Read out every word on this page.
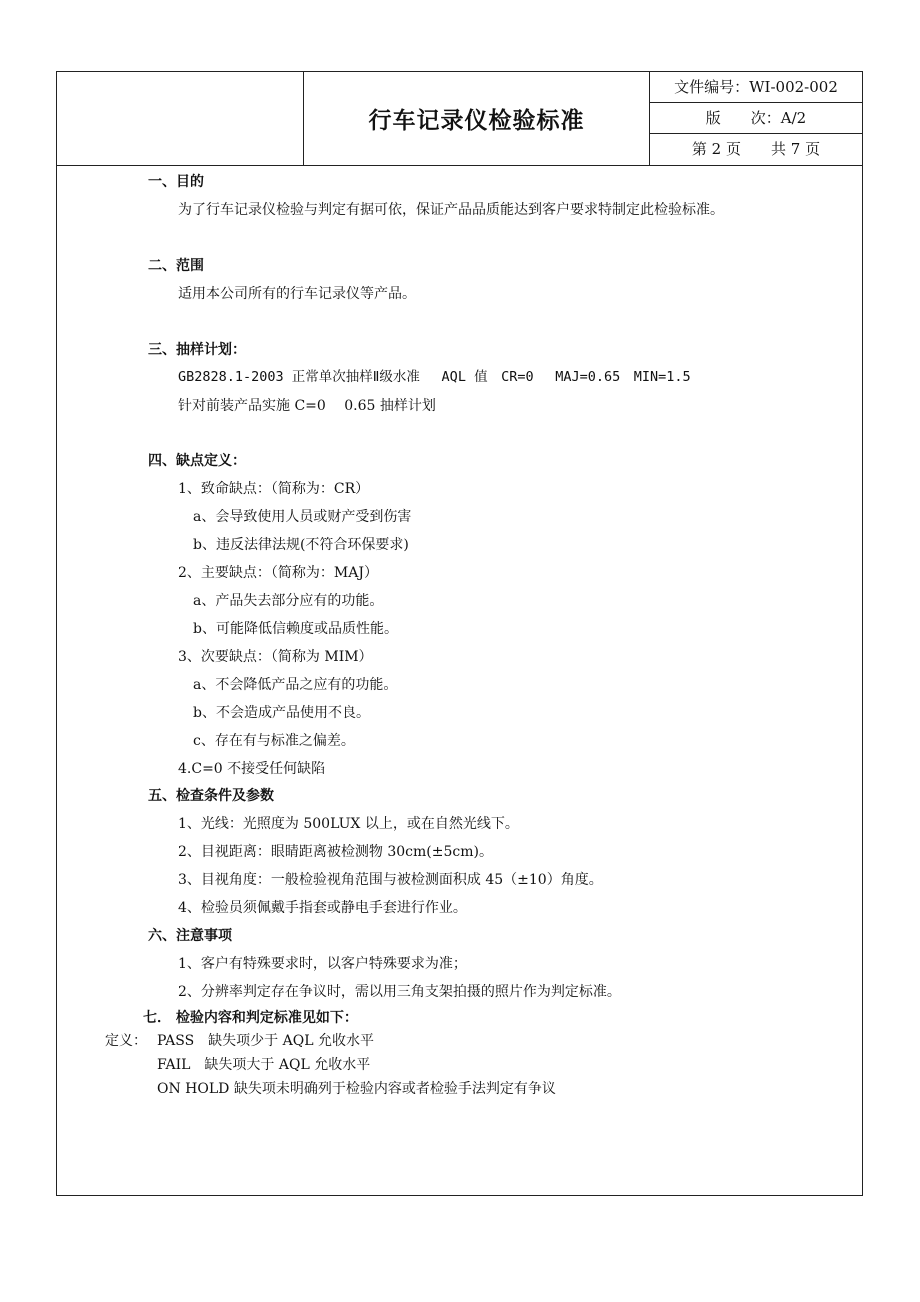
行车记录仪检验标准
文件编号：WI-002-002
版　　次：A/2
第 2 页　　共 7 页
一、目的
为了行车记录仪检验与判定有据可依，保证产品品质能达到客户要求特制定此检验标准。
二、范围
适用本公司所有的行车记录仪等产品。
三、抽样计划：
GB2828.1-2003 正常单次抽样Ⅱ级水准　 AQL 值　CR=0　 MAJ=0.65　MIN=1.5
针对前装产品实施 C=0　 0.65 抽样计划
四、缺点定义：
1、致命缺点：（简称为：CR）
a、会导致使用人员或财产受到伤害
b、违反法律法规(不符合环保要求)
2、主要缺点：（简称为：MAJ）
a、产品失去部分应有的功能。
b、可能降低信赖度或品质性能。
3、次要缺点：（简称为 MIM）
a、不会降低产品之应有的功能。
b、不会造成产品使用不良。
c、存在有与标准之偏差。
4.C=0 不接受任何缺陷
五、检查条件及参数
1、光线：光照度为 500LUX 以上，或在自然光线下。
2、目视距离：眼睛距离被检测物 30cm(±5cm)。
3、目视角度：一般检验视角范围与被检测面积成 45（±10）角度。
4、检验员须佩戴手指套或静电手套进行作业。
六、注意事项
1、客户有特殊要求时，以客户特殊要求为准；
2、分辨率判定存在争议时，需以用三角支架拍摄的照片作为判定标准。
七． 检验内容和判定标准见如下：
定义： PASS　缺失项少于 AQL 允收水平
FAIL　缺失项大于 AQL 允收水平
ON HOLD 缺失项未明确列于检验内容或者检验手法判定有争议
